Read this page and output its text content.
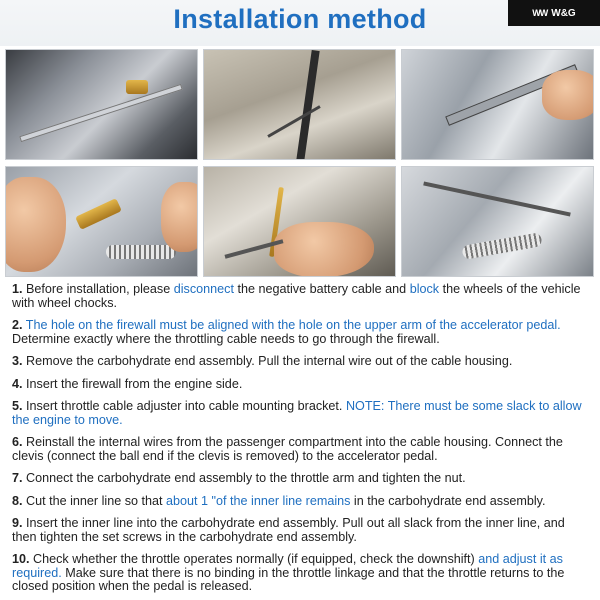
Installation method	WW W&G
1. Before installation, please disconnect the negative battery cable and block the wheels of the vehicle with wheel chocks.
2. The hole on the firewall must be aligned with the hole on the upper arm of the accelerator pedal. Determine exactly where the throttling cable needs to go through the firewall.
3. Remove the carbohydrate end assembly. Pull the internal wire out of the cable housing.
4. Insert the firewall from the engine side.
5. Insert throttle cable adjuster into cable mounting bracket. NOTE: There must be some slack to allow the engine to move.
6. Reinstall the internal wires from the passenger compartment into the cable housing. Connect the clevis (connect the ball end if the clevis is removed) to the accelerator pedal.
7. Connect the carbohydrate end assembly to the throttle arm and tighten the nut.
8. Cut the inner line so that about 1 "of the inner line remains in the carbohydrate end assembly.
9. Insert the inner line into the carbohydrate end assembly. Pull out all slack from the inner line, and then tighten the set screws in the carbohydrate end assembly.
10. Check whether the throttle operates normally (if equipped, check the downshift) and adjust it as required. Make sure that there is no binding in the throttle linkage and that the throttle returns to the closed position when the pedal is released.
